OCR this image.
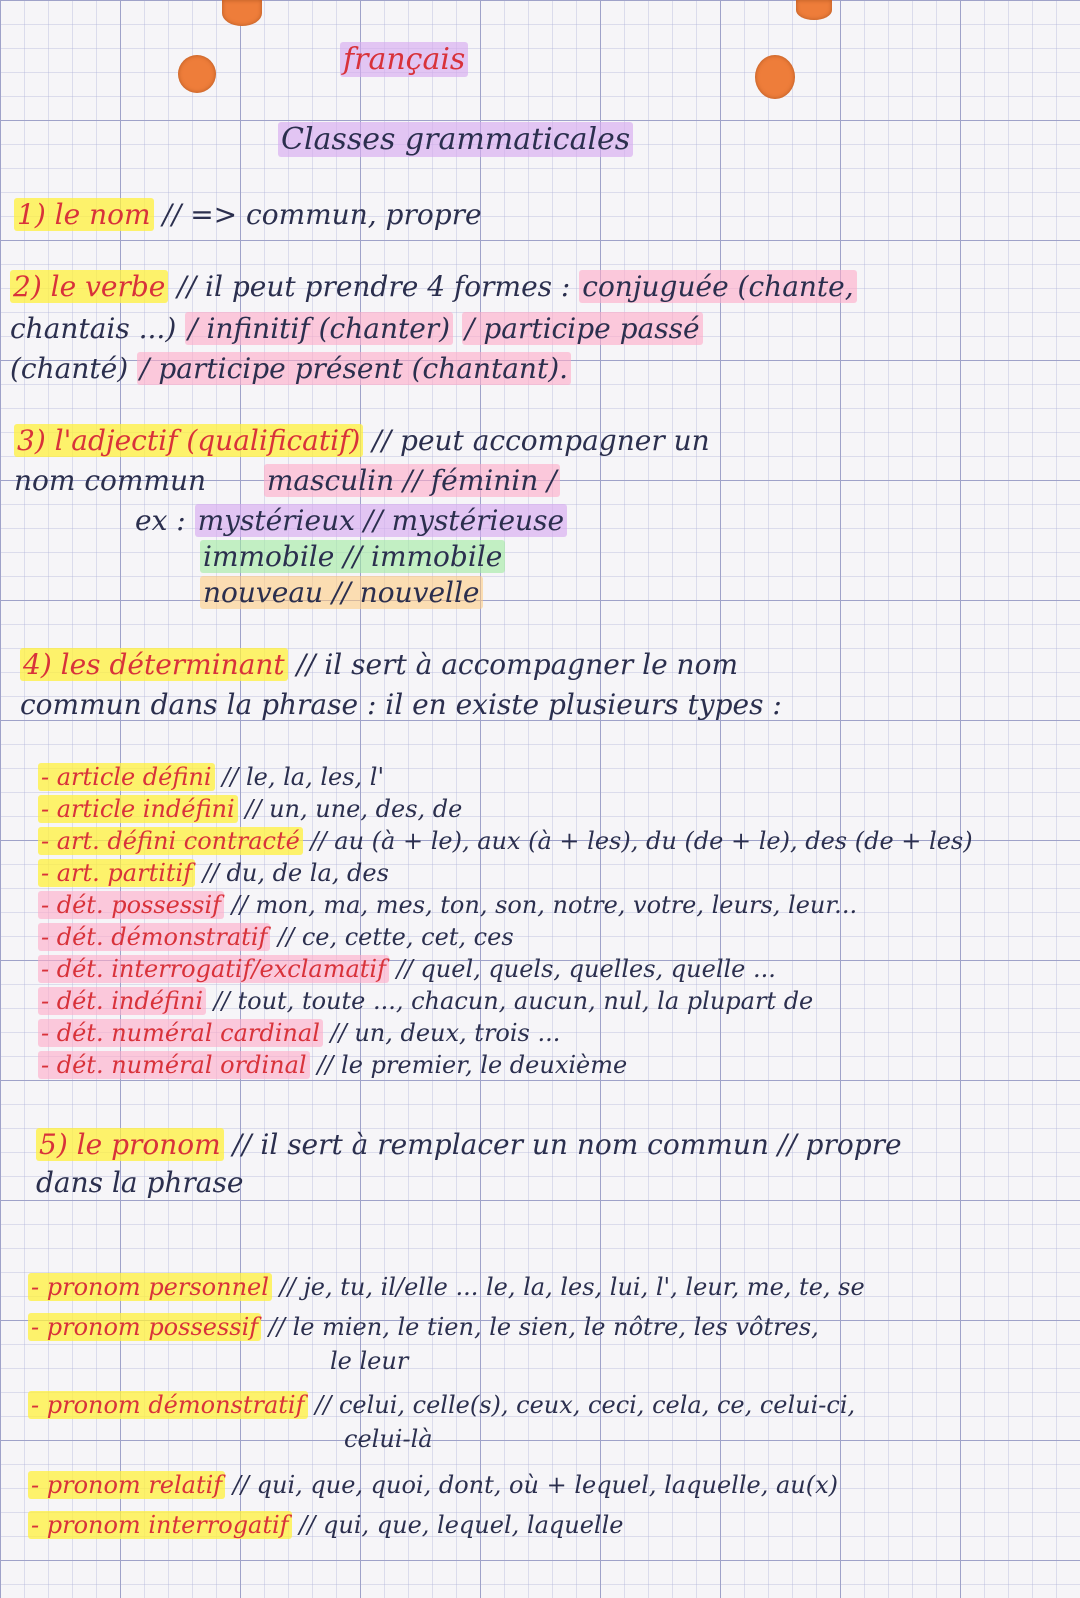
français
Classes grammaticales
1) le nom // => commun, propre
2) le verbe // il peut prendre 4 formes : conjuguée (chante,
chantais ...) / infinitif (chanter) / participe passé
(chanté) / participe présent (chantant).
3) l'adjectif (qualificatif) // peut accompagner un
nom commun masculin // féminin /
ex : mystérieux // mystérieuse
immobile // immobile
nouveau // nouvelle
4) les déterminant // il sert à accompagner le nom
commun dans la phrase : il en existe plusieurs types :
- article défini // le, la, les, l'
- article indéfini // un, une, des, de
- art. défini contracté // au (à + le), aux (à + les), du (de + le), des (de + les)
- art. partitif // du, de la, des
- dét. possessif // mon, ma, mes, ton, son, notre, votre, leurs, leur...
- dét. démonstratif // ce, cette, cet, ces
- dét. interrogatif/exclamatif // quel, quels, quelles, quelle ...
- dét. indéfini // tout, toute ..., chacun, aucun, nul, la plupart de
- dét. numéral cardinal // un, deux, trois ...
- dét. numéral ordinal // le premier, le deuxième
5) le pronom // il sert à remplacer un nom commun // propre
dans la phrase
- pronom personnel // je, tu, il/elle ... le, la, les, lui, l', leur, me, te, se
- pronom possessif // le mien, le tien, le sien, le nôtre, les vôtres,
le leur
- pronom démonstratif // celui, celle(s), ceux, ceci, cela, ce, celui-ci,
celui-là
- pronom relatif // qui, que, quoi, dont, où + lequel, laquelle, au(x)
- pronom interrogatif // qui, que, lequel, laquelle
